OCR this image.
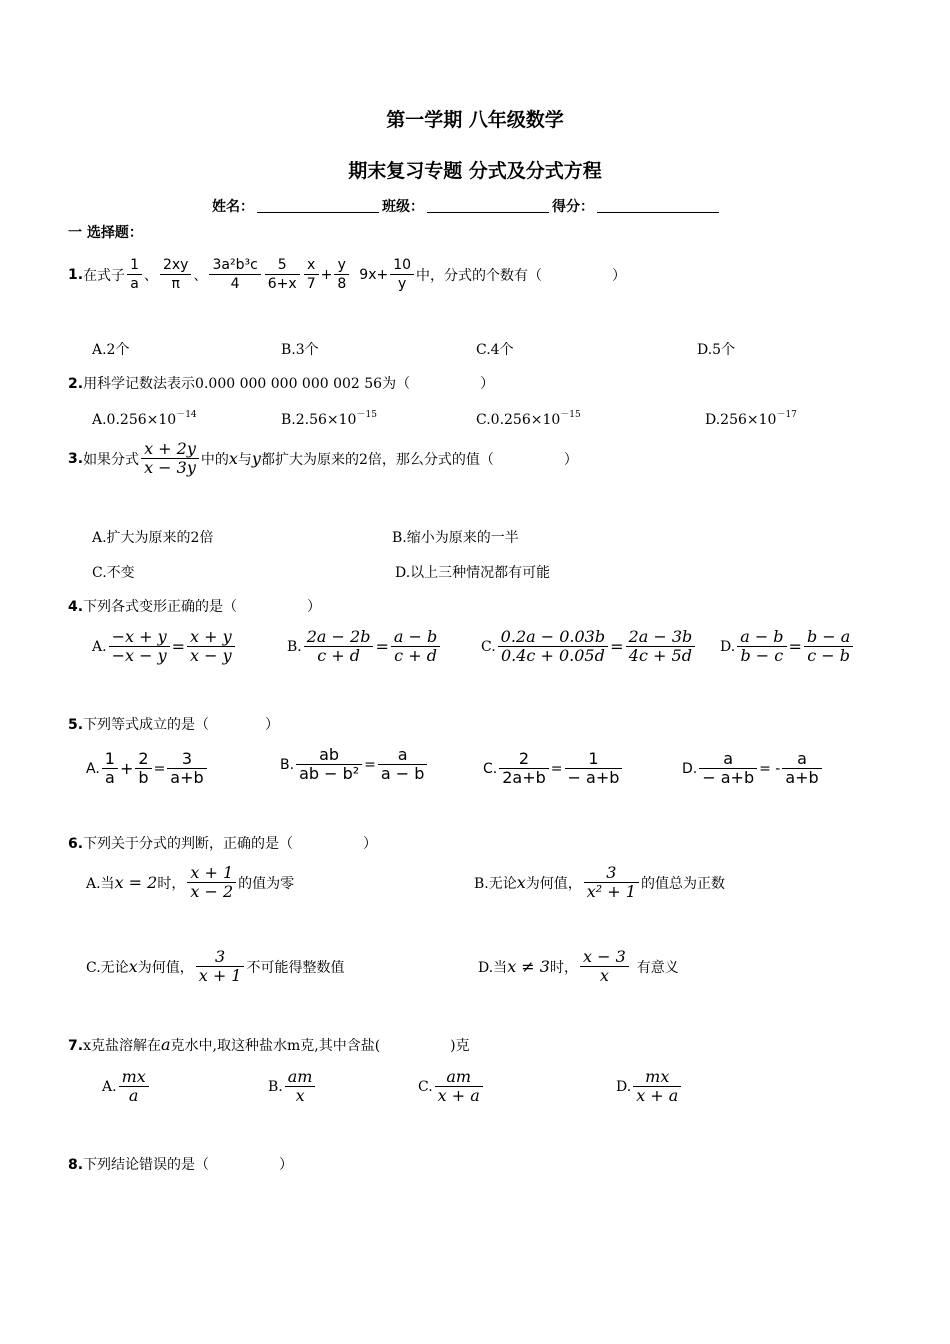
第一学期 八年级数学
期末复习专题 分式及分式方程
姓名：	班级：	得分：
一 选择题：
1. 在式子 $\frac{1}{a}$ 、 $\frac{2xy}{\pi}$ 、 $\frac{\text{3a²b³c}}{4} \frac{5}{6+x} \frac{x}{7} + \frac{y}{8} 9x+ \frac{10}{y}$ 中，分式的个数有（　　　　　）
A.2个	B.3个	C.4个	D.5个
2.用科学记数法表示0.000 000 000 000 002 56为（　　　　　）
$A.0.256\times 10^{-14}$	$B.2.56\times 10^{-15}$	$C.0.256\times 10^{-15}$	$D.256\times 10^{-17}$
3. 如果分式 $\frac{x + 2y}{x - 3y}$ 中的 x 与 y 都扩大为原来的2倍，那么分式的值（　　　　　）
A.扩大为原来的2倍	B.缩小为原来的一半
C.不变	D.以上三种情况都有可能
4.下列各式变形正确的是（　　　　　）
A. $\frac{-x + y}{-x - y} = \frac{x + y}{x - y}$	B. $\frac{2a - 2b}{c + d} = \frac{a - b}{c + d}$	C. $\frac{0.2a - 0.03b}{0.4c + 0.05d} = \frac{2a - 3b}{4c + 5d} D$. $\frac{a - b}{b - c} = \frac{b - a}{c - b}$
5.下列等式成立的是（　　　　）
A. $\frac{1}{a} + \frac{2}{b} = \frac{3}{a+b}$	B. $\frac{ab}{\text{ab − b²}} = \frac{a}{a - b}$	C. $\frac{2}{2a+b} = \frac{1}{- a+b}$	D. $\frac{a}{- a+b}$ = - $\frac{a}{a+b}$
6.下列关于分式的判断，正确的是（　　　　　）
A.当 x = 2 时， $\frac{x + 1}{x - 2}$ 的值为零	B.无论 x 为何值， $\frac{3}{\text{x² + 1}}$ 的值总为正数
C.无论 x 为何值， $\frac{3}{x + 1}$ 不可能得整数值	D.当 x ≠ 3 时， $\frac{x - 3}{x}$ 有意义
7.x克盐溶解在a克水中,取这种盐水m克,其中含盐(　　　　　)克
A. $\frac{mx}{a}$	B. $\frac{am}{x}$	C. $\frac{am}{x + a}$	D. $\frac{mx}{x + a}$
8.下列结论错误的是（　　　　　）
